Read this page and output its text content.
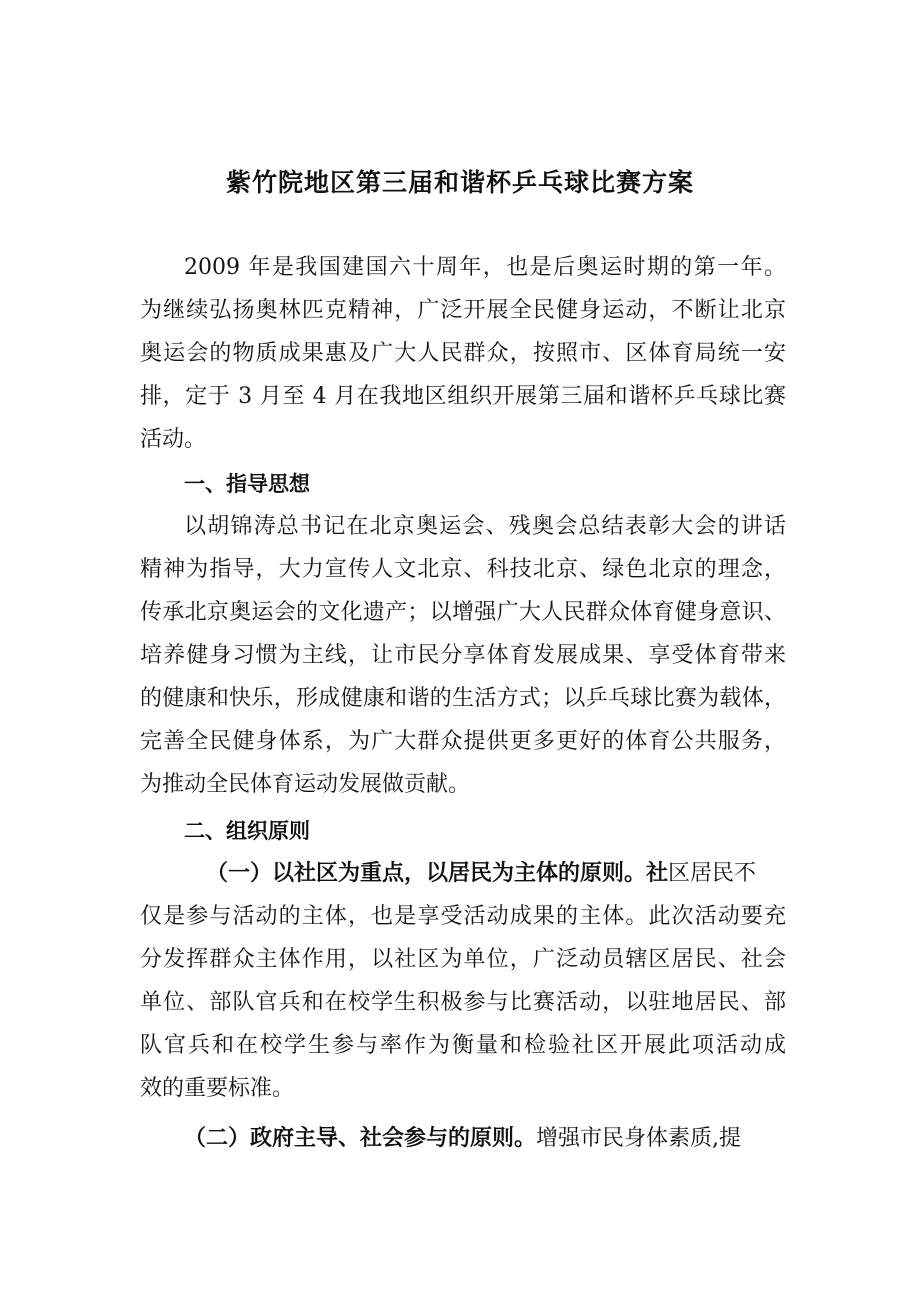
紫竹院地区第三届和谐杯乒乓球比赛方案
2009 年是我国建国六十周年，也是后奥运时期的第一年。
为继续弘扬奥林匹克精神，广泛开展全民健身运动，不断让北京
奥运会的物质成果惠及广大人民群众，按照市、区体育局统一安
排，定于 3 月至 4 月在我地区组织开展第三届和谐杯乒乓球比赛
活动。
一、指导思想
以胡锦涛总书记在北京奥运会、残奥会总结表彰大会的讲话
精神为指导，大力宣传人文北京、科技北京、绿色北京的理念，
传承北京奥运会的文化遗产；以增强广大人民群众体育健身意识、
培养健身习惯为主线，让市民分享体育发展成果、享受体育带来
的健康和快乐，形成健康和谐的生活方式；以乒乓球比赛为载体，
完善全民健身体系，为广大群众提供更多更好的体育公共服务，
为推动全民体育运动发展做贡献。
二、组织原则
（一）以社区为重点，以居民为主体的原则。社区居民不
仅是参与活动的主体，也是享受活动成果的主体。此次活动要充
分发挥群众主体作用，以社区为单位，广泛动员辖区居民、社会
单位、部队官兵和在校学生积极参与比赛活动，以驻地居民、部
队官兵和在校学生参与率作为衡量和检验社区开展此项活动成
效的重要标准。
（二）政府主导、社会参与的原则。增强市民身体素质,提
